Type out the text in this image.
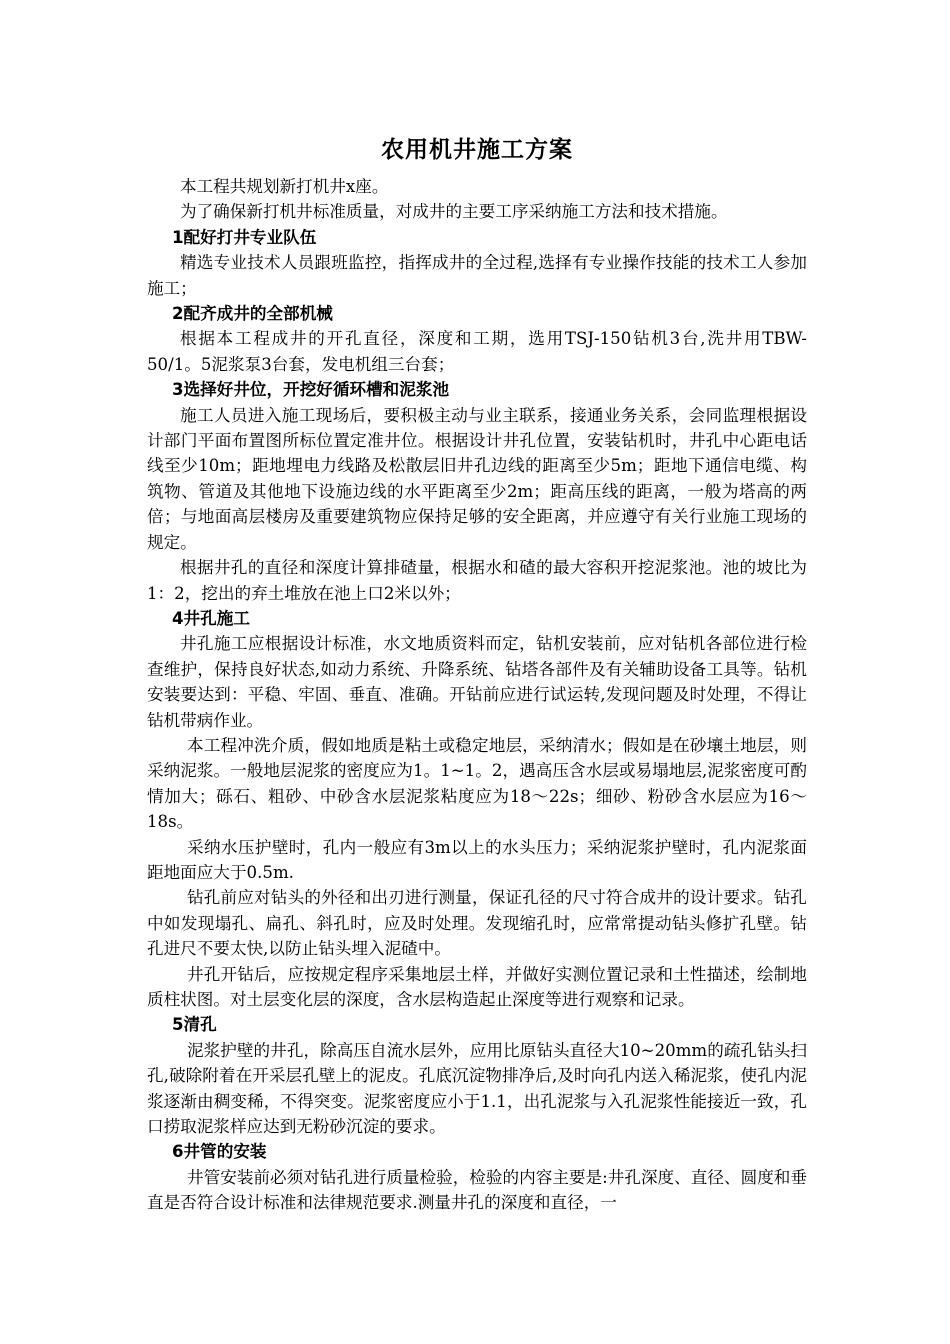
农用机井施工方案

本工程共规划新打机井x座。

为了确保新打机井标准质量，对成井的主要工序采纳施工方法和技术措施。

1配好打井专业队伍

精选专业技术人员跟班监控，指挥成井的全过程,选择有专业操作技能的技术工人参加施工；

2配齐成井的全部机械

根据本工程成井的开孔直径，深度和工期，选用TSJ-150钻机3台,洗井用TBW-50/1。5泥浆泵3台套，发电机组三台套；

3选择好井位，开挖好循环槽和泥浆池

施工人员进入施工现场后，要积极主动与业主联系，接通业务关系，会同监理根据设计部门平面布置图所标位置定准井位。根据设计井孔位置，安装钻机时，井孔中心距电话线至少10m；距地埋电力线路及松散层旧井孔边线的距离至少5m；距地下通信电缆、构筑物、管道及其他地下设施边线的水平距离至少2m；距高压线的距离，一般为塔高的两倍；与地面高层楼房及重要建筑物应保持足够的安全距离，并应遵守有关行业施工现场的规定。

根据井孔的直径和深度计算排碴量，根据水和碴的最大容积开挖泥浆池。池的坡比为1：2，挖出的弃土堆放在池上口2米以外；

4井孔施工

井孔施工应根据设计标准，水文地质资料而定，钻机安装前，应对钻机各部位进行检查维护，保持良好状态,如动力系统、升降系统、钻塔各部件及有关辅助设备工具等。钻机安装要达到：平稳、牢固、垂直、准确。开钻前应进行试运转,发现问题及时处理，不得让钻机带病作业。

本工程冲洗介质，假如地质是粘土或稳定地层，采纳清水；假如是在砂壤土地层，则采纳泥浆。一般地层泥浆的密度应为1。1~1。2，遇高压含水层或易塌地层,泥浆密度可酌情加大；砾石、粗砂、中砂含水层泥浆粘度应为18～22s；细砂、粉砂含水层应为16～18s。

采纳水压护壁时，孔内一般应有3m以上的水头压力；采纳泥浆护壁时，孔内泥浆面距地面应大于0.5m.

钻孔前应对钻头的外径和出刃进行测量，保证孔径的尺寸符合成井的设计要求。钻孔中如发现塌孔、扁孔、斜孔时，应及时处理。发现缩孔时，应常常提动钻头修扩孔壁。钻孔进尺不要太快,以防止钻头埋入泥碴中。

井孔开钻后，应按规定程序采集地层土样，并做好实测位置记录和土性描述，绘制地质柱状图。对土层变化层的深度，含水层构造起止深度等进行观察和记录。

5清孔

泥浆护壁的井孔，除高压自流水层外，应用比原钻头直径大10~20mm的疏孔钻头扫孔,破除附着在开采层孔壁上的泥皮。孔底沉淀物排净后,及时向孔内送入稀泥浆，使孔内泥浆逐渐由稠变稀，不得突变。泥浆密度应小于1.1，出孔泥浆与入孔泥浆性能接近一致，孔口捞取泥浆样应达到无粉砂沉淀的要求。

6井管的安装

井管安装前必须对钻孔进行质量检验，检验的内容主要是:井孔深度、直径、圆度和垂直是否符合设计标准和法律规范要求.测量井孔的深度和直径，一
